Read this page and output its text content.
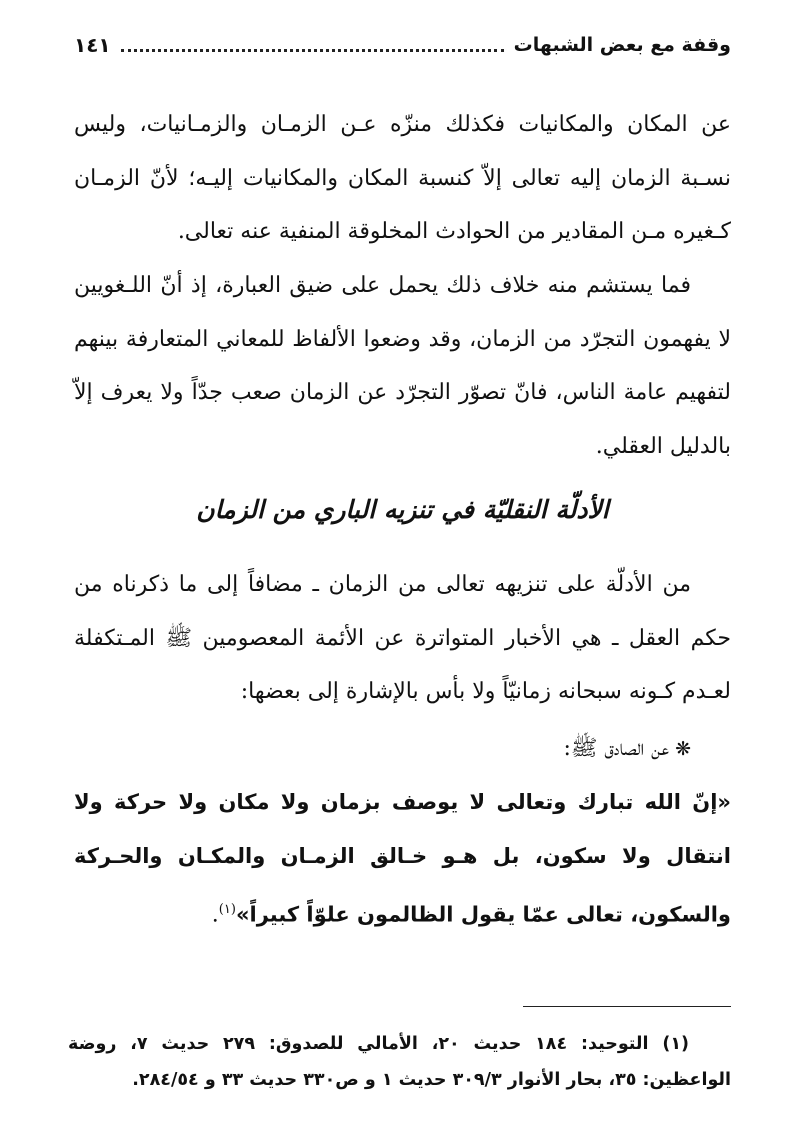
وقفة مع بعض الشبهات
١٤١

عن المكان والمكانيات فكذلك منزّه عـن الزمـان والزمـانيات، وليس نسـبة الزمان إليه تعالى إلاّ كنسبة المكان والمكانيات إليـه؛ لأنّ الزمـان كـغيره مـن المقادير من الحوادث المخلوقة المنفية عنه تعالى.

فما يستشم منه خلاف ذلك يحمل على ضيق العبارة، إذ أنّ اللـغويين لا يفهمون التجرّد من الزمان، وقد وضعوا الألفاظ للمعاني المتعارفة بينهم لتفهيم عامة الناس، فانّ تصوّر التجرّد عن الزمان صعب جدّاً ولا يعرف إلاّ بالدليل العقلي.

الأدلّة النقليّة في تنزيه الباري من الزمان

من الأدلّة على تنزيهه تعالى من الزمان ـ مضافاً إلى ما ذكرناه من حكم العقل ـ هي الأخبار المتواترة عن الأئمة المعصومين ﷺ المـتكفلة لعـدم كـونه سبحانه زمانيّاً ولا بأس بالإشارة إلى بعضها:

❋عن الصادق ﷺ:

«إنّ الله تبارك وتعالى لا يوصف بزمان ولا مكان ولا حركة ولا انتقال ولا سكون، بل هـو خـالق الزمـان والمكـان والحـركة والسكون، تعالى عمّا يقول الظالمون علوّاً كبيراً»$^{(١)}$.

(١) التوحيد: ١٨٤ حديث ٢٠، الأمالي للصدوق: ٢٧٩ حديث ٧، روضة الواعظين: ٣٥، بحار الأنوار ٣٠٩/٣ حديث ١ و ص٣٣٠ حديث ٣٣ و ٢٨٤/٥٤.
